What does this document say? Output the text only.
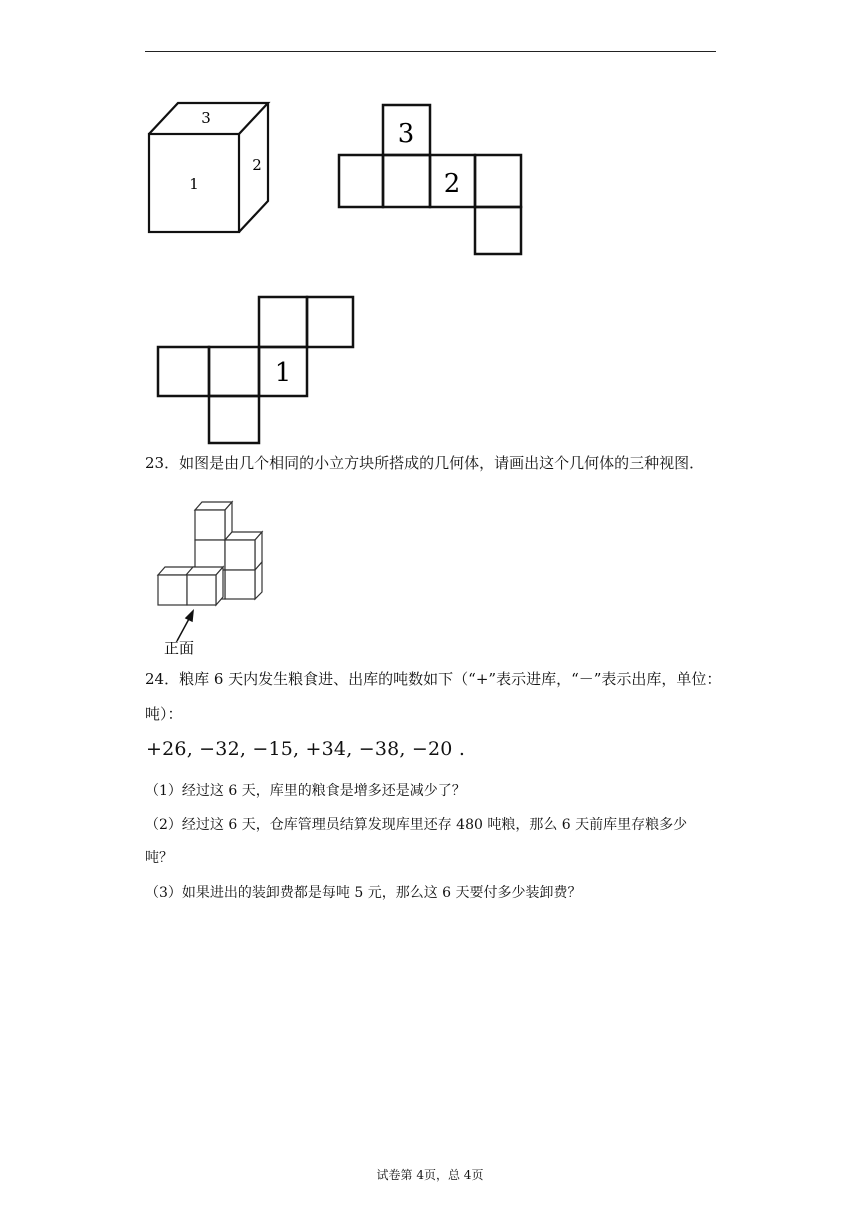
3
1
2
3
2
1
23．如图是由几个相同的小立方块所搭成的几何体，请画出这个几何体的三种视图．
正面
24．粮库 6 天内发生粮食进、出库的吨数如下（“+”表示进库，“－”表示出库，单位：
吨）：
+26, −32, −15, +34, −38, −20 .
（1）经过这 6 天，库里的粮食是增多还是减少了？
（2）经过这 6 天，仓库管理员结算发现库里还存 480 吨粮，那么 6 天前库里存粮多少
吨？
（3）如果进出的装卸费都是每吨 5 元，那么这 6 天要付多少装卸费？
试卷第 4页，总 4页
